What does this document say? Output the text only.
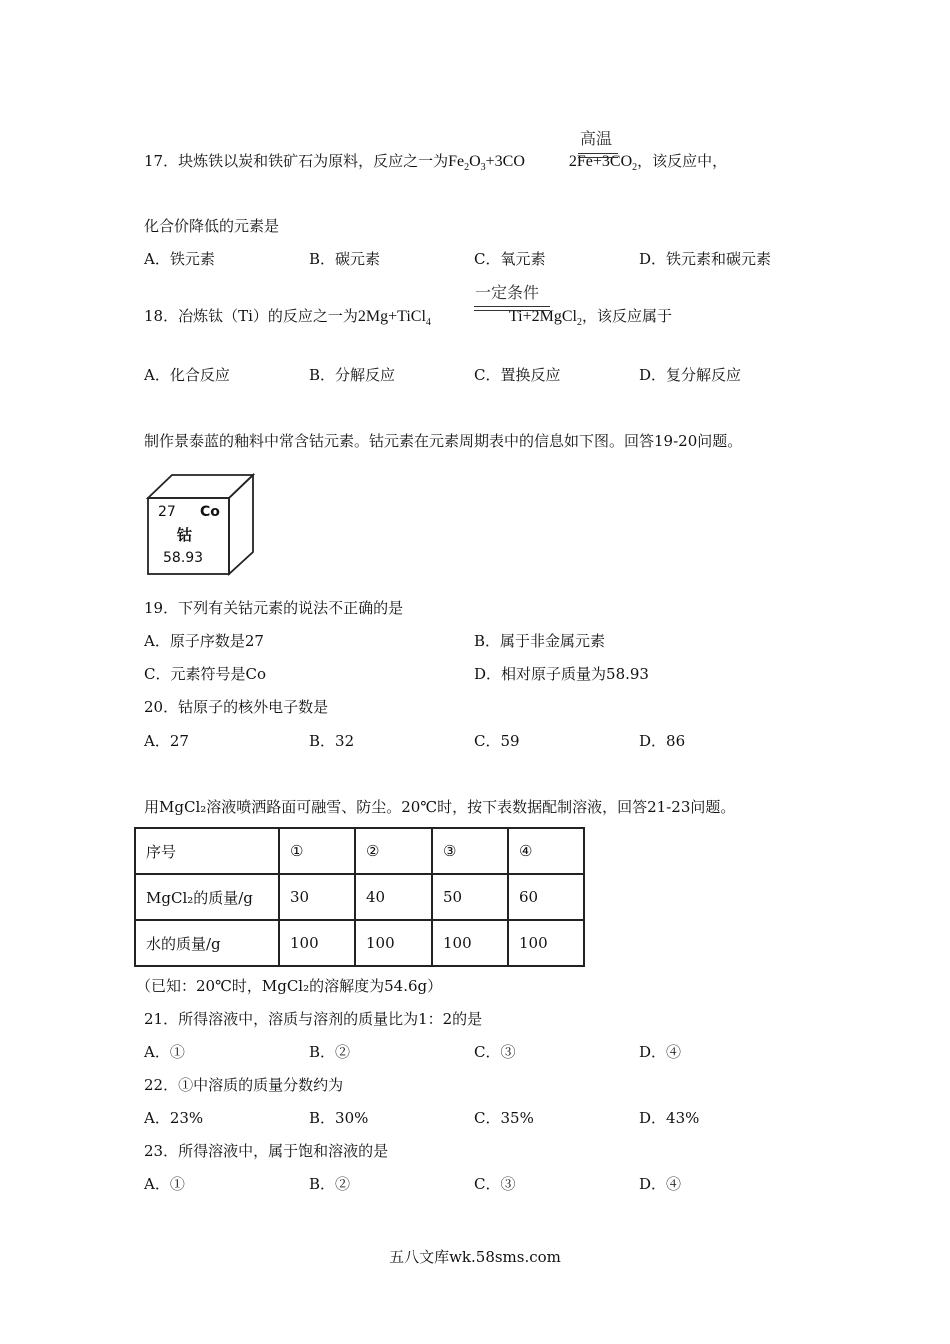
17．块炼铁以炭和铁矿石为原料，反应之一为$Fe_2O_3+3CO$	$2Fe+3CO_2$，该反应中，
高温
化合价降低的元素是
A．铁元素	B．碳元素	C．氧元素	D．铁元素和碳元素
18．冶炼钛（Ti）的反应之一为2Mg+TiCl$_4$	Ti+2MgCl$_2$，该反应属于
一定条件
A．化合反应	B．分解反应	C．置换反应	D．复分解反应
制作景泰蓝的釉料中常含钴元素。钴元素在元素周期表中的信息如下图。回答19-20问题。
27 Co
钴
58.93
19．下列有关钴元素的说法不正确的是
A．原子序数是27	B．属于非金属元素
C．元素符号是Co	D．相对原子质量为58.93
20．钴原子的核外电子数是
A．27	B．32	C．59	D．86
用MgCl₂溶液喷洒路面可融雪、防尘。20℃时，按下表数据配制溶液，回答21-23问题。
序号	①	②	③	④
MgCl₂的质量/g	30	40	50	60
水的质量/g	100	100	100	100
（已知：20℃时，MgCl₂的溶解度为54.6g）
21．所得溶液中，溶质与溶剂的质量比为1：2的是
A．①	B．②	C．③	D．④
22．①中溶质的质量分数约为
A．23%	B．30%	C．35%	D．43%
23．所得溶液中，属于饱和溶液的是
A．①	B．②	C．③	D．④
五八文库wk.58sms.com
